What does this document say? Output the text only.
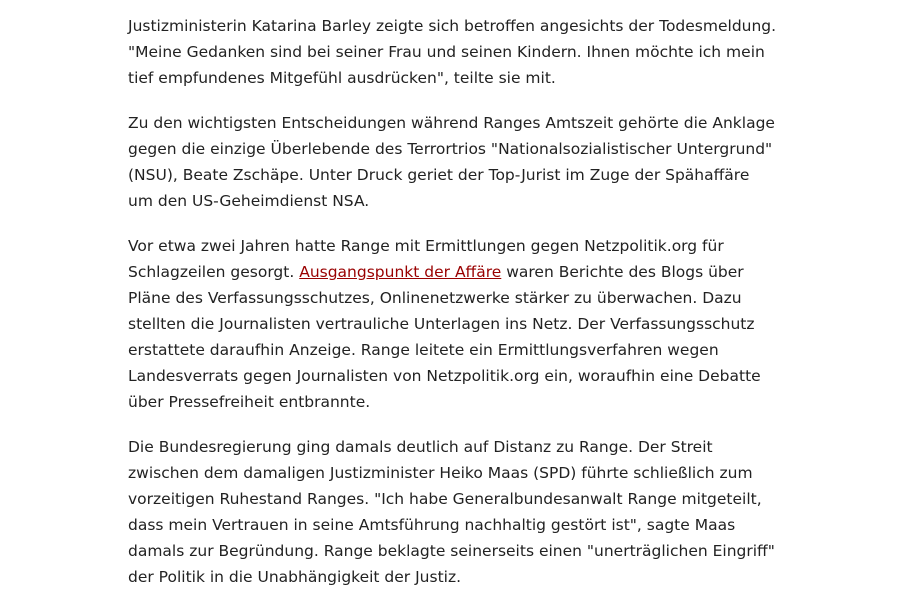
Justizministerin Katarina Barley zeigte sich betroffen angesichts der Todesmeldung. "Meine Gedanken sind bei seiner Frau und seinen Kindern. Ihnen möchte ich mein tief empfundenes Mitgefühl ausdrücken", teilte sie mit.

Zu den wichtigsten Entscheidungen während Ranges Amtszeit gehörte die Anklage gegen die einzige Überlebende des Terrortrios "Nationalsozialistischer Untergrund" (NSU), Beate Zschäpe. Unter Druck geriet der Top-Jurist im Zuge der Spähaffäre um den US-Geheimdienst NSA.

Vor etwa zwei Jahren hatte Range mit Ermittlungen gegen Netzpolitik.org für Schlagzeilen gesorgt. Ausgangspunkt der Affäre waren Berichte des Blogs über Pläne des Verfassungsschutzes, Onlinenetzwerke stärker zu überwachen. Dazu stellten die Journalisten vertrauliche Unterlagen ins Netz. Der Verfassungsschutz erstattete daraufhin Anzeige. Range leitete ein Ermittlungsverfahren wegen Landesverrats gegen Journalisten von Netzpolitik.org ein, woraufhin eine Debatte über Pressefreiheit entbrannte.

Die Bundesregierung ging damals deutlich auf Distanz zu Range. Der Streit zwischen dem damaligen Justizminister Heiko Maas (SPD) führte schließlich zum vorzeitigen Ruhestand Ranges. "Ich habe Generalbundesanwalt Range mitgeteilt, dass mein Vertrauen in seine Amtsführung nachhaltig gestört ist", sagte Maas damals zur Begründung. Range beklagte seinerseits einen "unerträglichen Eingriff" der Politik in die Unabhängigkeit der Justiz.
